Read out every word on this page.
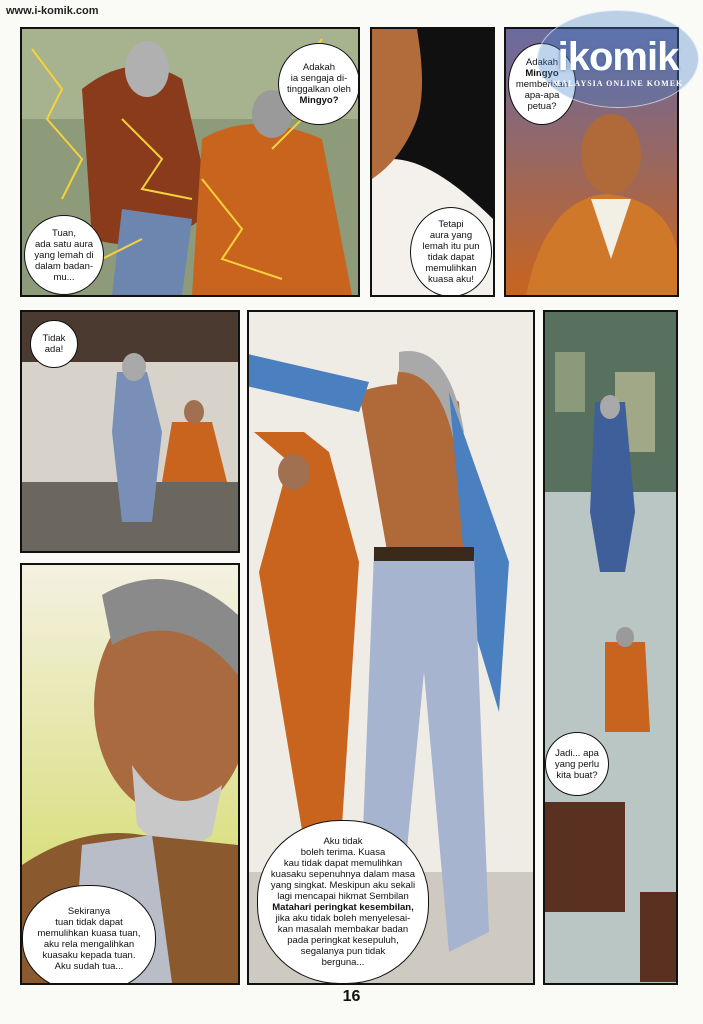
www.i-komik.com
Adakah
ia sengaja di-
tinggalkan oleh
Mingyo?
Tuan,
ada satu aura
yang lemah di
dalam badan-
mu...
Tetapi
aura yang
lemah itu pun
tidak dapat
memulihkan
kuasa aku!
Adakah
Mingyo
memberikan
apa-apa
petua?
ikomik
MALAYSIA ONLINE KOMEK
Tidak
ada!
Aku tidak
boleh terima. Kuasa
kau tidak dapat memulihkan
kuasaku sepenuhnya dalam masa
yang singkat. Meskipun aku sekali
lagi mencapai hikmat Sembilan
Matahari peringkat kesembilan,
jika aku tidak boleh menyelesai-
kan masalah membakar badan
pada peringkat kesepuluh,
segalanya pun tidak
berguna...
Jadi... apa
yang perlu
kita buat?
Sekiranya
tuan tidak dapat
memulihkan kuasa tuan,
aku rela mengalihkan
kuasaku kepada tuan.
Aku sudah tua...
16
